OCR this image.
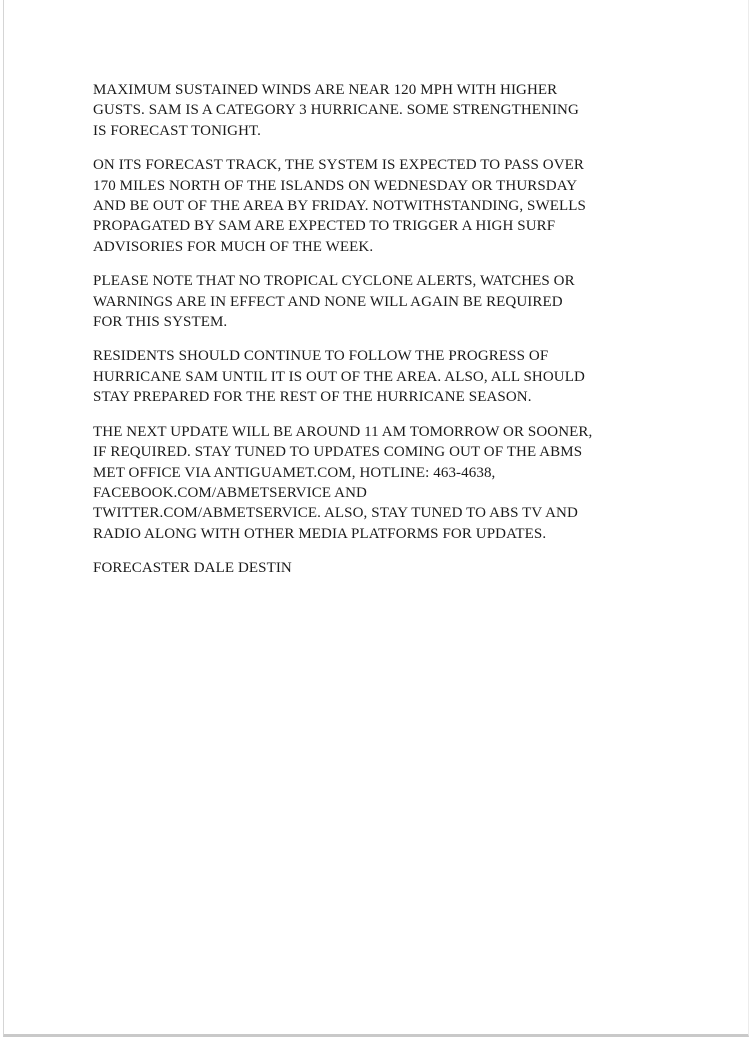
MAXIMUM SUSTAINED WINDS ARE NEAR 120 MPH WITH HIGHER
GUSTS. SAM IS A CATEGORY 3 HURRICANE. SOME STRENGTHENING
IS FORECAST TONIGHT.

ON ITS FORECAST TRACK, THE SYSTEM IS EXPECTED TO PASS OVER
170 MILES NORTH OF THE ISLANDS ON WEDNESDAY OR THURSDAY
AND BE OUT OF THE AREA BY FRIDAY. NOTWITHSTANDING, SWELLS
PROPAGATED BY SAM ARE EXPECTED TO TRIGGER A HIGH SURF
ADVISORIES FOR MUCH OF THE WEEK.

PLEASE NOTE THAT NO TROPICAL CYCLONE ALERTS, WATCHES OR
WARNINGS ARE IN EFFECT AND NONE WILL AGAIN BE REQUIRED
FOR THIS SYSTEM.

RESIDENTS SHOULD CONTINUE TO FOLLOW THE PROGRESS OF
HURRICANE SAM UNTIL IT IS OUT OF THE AREA. ALSO, ALL SHOULD
STAY PREPARED FOR THE REST OF THE HURRICANE SEASON.

THE NEXT UPDATE WILL BE AROUND 11 AM TOMORROW OR SOONER,
IF REQUIRED. STAY TUNED TO UPDATES COMING OUT OF THE ABMS
MET OFFICE VIA ANTIGUAMET.COM, HOTLINE: 463-4638,
FACEBOOK.COM/ABMETSERVICE AND
TWITTER.COM/ABMETSERVICE. ALSO, STAY TUNED TO ABS TV AND
RADIO ALONG WITH OTHER MEDIA PLATFORMS FOR UPDATES.

FORECASTER DALE DESTIN
